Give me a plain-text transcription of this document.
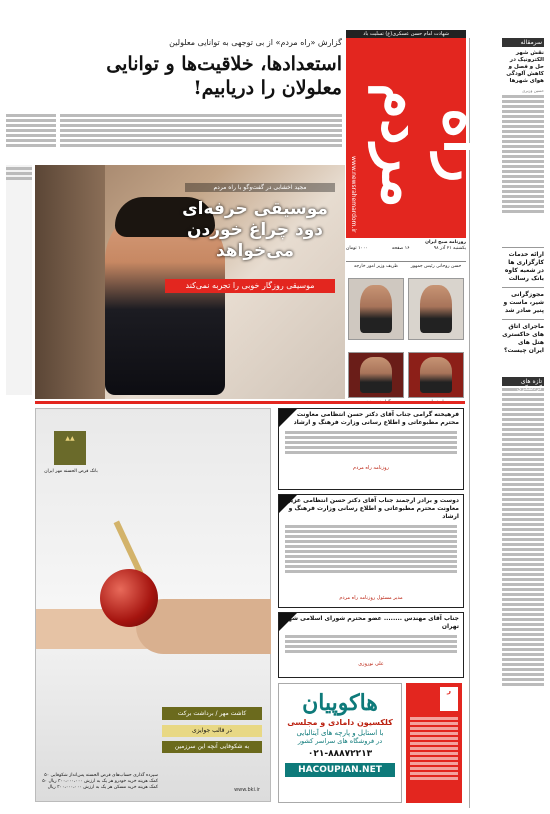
شهادت امام حسن عسکری(ع) تسلیت باد
سرمقاله
نقش شهر الکترونیک در حل و فصل و کاهش آلودگی هوای شهرها
حسین وزیری
ارائه خدمات کارگزاری ها در شعبه کاوه بانک رسالت
مجوزگرانی شیر، ماست و پنیر صادر شد
ماجرای اتاق های خاکستری هتل های ایران چیست؟
تازه های گردشگری
راه مردم
www.newsrahemardom.ir
روزنامه صبح ایران
یکشنبه ۲۱ آذر ۹۸
۱۶ صفحه
۱۰۰۰ تومان
حسن روحانی رئیس جمهور
ظریف وزیر امور خارجه
گزارش «راه مردم» از بی توجهی به توانایی معلولین
استعدادها، خلاقیت‌ها و توانایی معلولان را دریابیم!
مجید اخشابی در گفت‌وگو با راه مردم
موسیقی حرفه‌ای دود چراغ خوردن می‌خواهد
موسیقی روزگار خوبی را تجربه نمی‌کند
▲▲
بانک قرض الحسنه مهر ایران
کاشت مهر / برداشت برکت
در قالب جوایزی
به شکوفایی آنچه این سرزمین
سپرده‌ گذاری حساب‌های قرض الحسنه پس‌انداز شکوفایی ۵۰ کمک هزینه خرید خودرو هر یک به ارزش ۳۰۰،۰۰۰،۰۰۰ ریال ۵۰ کمک هزینه خرید مسکن هر یک به ارزش ۳۰۰،۰۰۰،۰۰۰ ریال	www.bki.ir
فرهیخته گرامی جناب آقای دکتر حسن انتظامی معاونت محترم مطبوعاتی و اطلاع رسانی وزارت فرهنگ و ارشاد
روزنامه راه مردم
دوست و برادر ارجمند جناب آقای دکتر حسن انتظامی عزیز معاونت محترم مطبوعاتی و اطلاع رسانی وزارت فرهنگ و ارشاد
مدیر مسئول روزنامه راه مردم
جناب آقای مهندس ........ عضو محترم شورای اسلامی شهر تهران
علی نوروزی
هاکوپیان
کلکسیون دامادی و مجلسی
با استایل و پارچه های آیتالیایی
در فروشگاه های سراسر کشور
۰۲۱-۸۸۸۷۲۲۱۳
HACOUPIAN.NET
ر
